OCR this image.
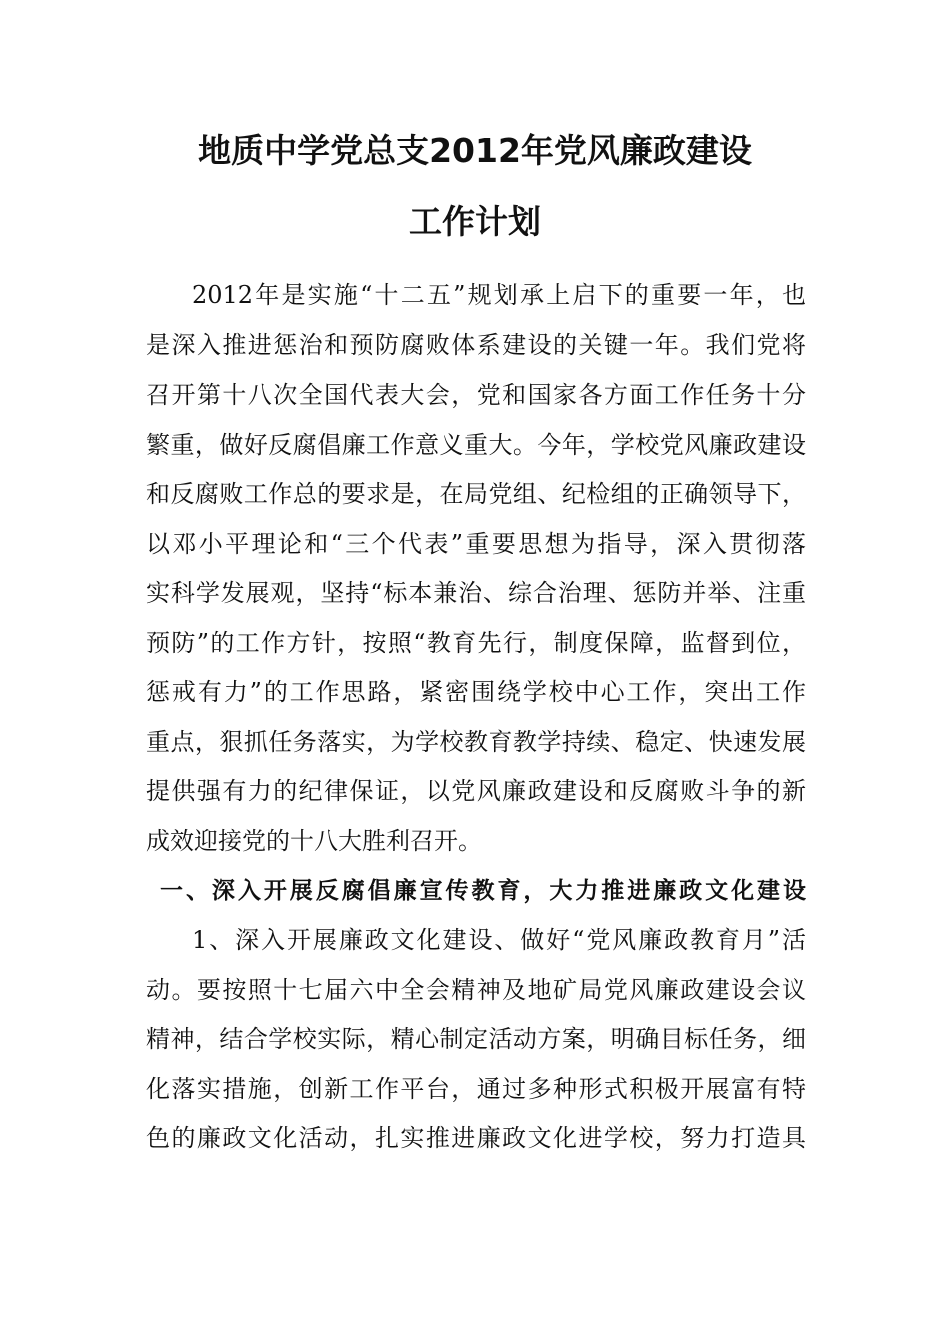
地质中学党总支2012年党风廉政建设
工作计划
2012年是实施“十二五”规划承上启下的重要一年，也
是深入推进惩治和预防腐败体系建设的关键一年。我们党将
召开第十八次全国代表大会，党和国家各方面工作任务十分
繁重，做好反腐倡廉工作意义重大。今年，学校党风廉政建设
和反腐败工作总的要求是，在局党组、纪检组的正确领导下，
以邓小平理论和“三个代表”重要思想为指导，深入贯彻落
实科学发展观，坚持“标本兼治、综合治理、惩防并举、注重
预防”的工作方针，按照“教育先行，制度保障，监督到位，
惩戒有力”的工作思路，紧密围绕学校中心工作，突出工作
重点，狠抓任务落实，为学校教育教学持续、稳定、快速发展
提供强有力的纪律保证，以党风廉政建设和反腐败斗争的新
成效迎接党的十八大胜利召开。
一、深入开展反腐倡廉宣传教育，大力推进廉政文化建设
1、深入开展廉政文化建设、做好“党风廉政教育月”活
动。要按照十七届六中全会精神及地矿局党风廉政建设会议
精神，结合学校实际，精心制定活动方案，明确目标任务，细
化落实措施，创新工作平台，通过多种形式积极开展富有特
色的廉政文化活动，扎实推进廉政文化进学校，努力打造具
